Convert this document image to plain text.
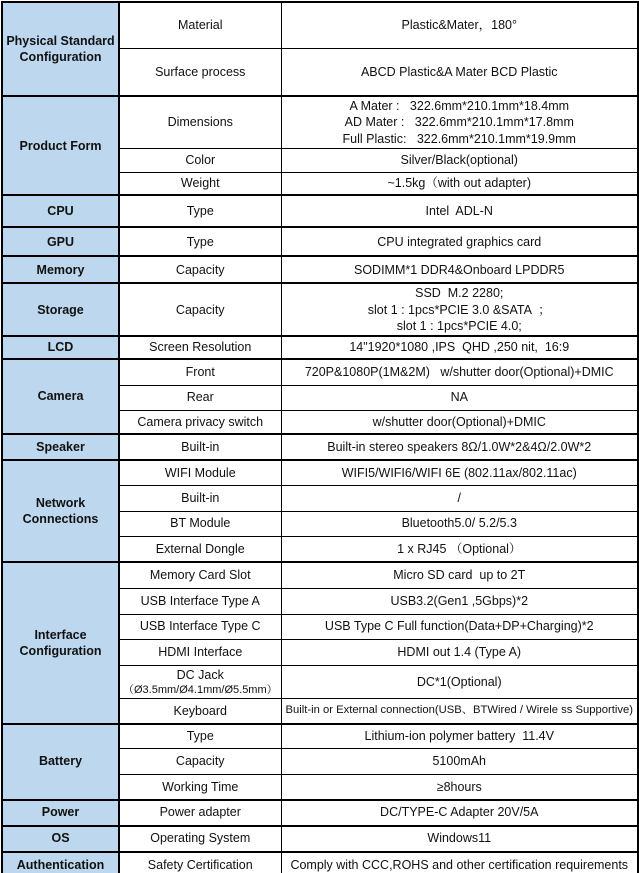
Physical Standard Configuration	Material	Plastic&Mater，180°

	Surface process	ABCD Plastic&A Mater BCD Plastic

Product Form	Dimensions	A Mater :   322.6mm*210.1mm*18.4mm
AD Mater :   322.6mm*210.1mm*17.8mm
Full Plastic:   322.6mm*210.1mm*19.9mm

	Color	Silver/Black(optional)

	Weight	~1.5kg（with out adapter)

CPU	Type	Intel  ADL-N

GPU	Type	CPU integrated graphics card

Memory	Capacity	SODIMM*1 DDR4&Onboard LPDDR5

Storage	Capacity	SSD  M.2 2280;
slot 1 : 1pcs*PCIE 3.0 &SATA  ；
slot 1 : 1pcs*PCIE 4.0;

LCD	Screen Resolution	14"1920*1080 ,IPS  QHD ,250 nit,  16:9

Camera	Front	720P&1080P(1M&2M)   w/shutter door(Optional)+DMIC

	Rear	NA

	Camera privacy switch	w/shutter door(Optional)+DMIC

Speaker	Built-in	Built-in stereo speakers 8Ω/1.0W*2&4Ω/2.0W*2

Network Connections	WIFI Module	WIFI5/WIFI6/WIFI 6E (802.11ax/802.11ac)

	Built-in	/

	BT Module	Bluetooth5.0/ 5.2/5.3

	External Dongle	1 x RJ45 （Optional）

Interface Configuration	Memory Card Slot	Micro SD card  up to 2T

	USB Interface Type A	USB3.2(Gen1 ,5Gbps)*2

	USB Interface Type C	USB Type C Full function(Data+DP+Charging)*2

	HDMI Interface	HDMI out 1.4 (Type A)

	DC Jack
（Ø3.5mm/Ø4.1mm/Ø5.5mm）	DC*1(Optional)

	Keyboard	Built-in or External connection(USB、BTWired / Wirele ss Supportive)

Battery	Type	Lithium-ion polymer battery  11.4V

	Capacity	5100mAh

	Working Time	≥8hours

Power	Power adapter	DC/TYPE-C Adapter 20V/5A

OS	Operating System	Windows11

Authentication	Safety Certification	Comply with CCC,ROHS and other certification requirements
